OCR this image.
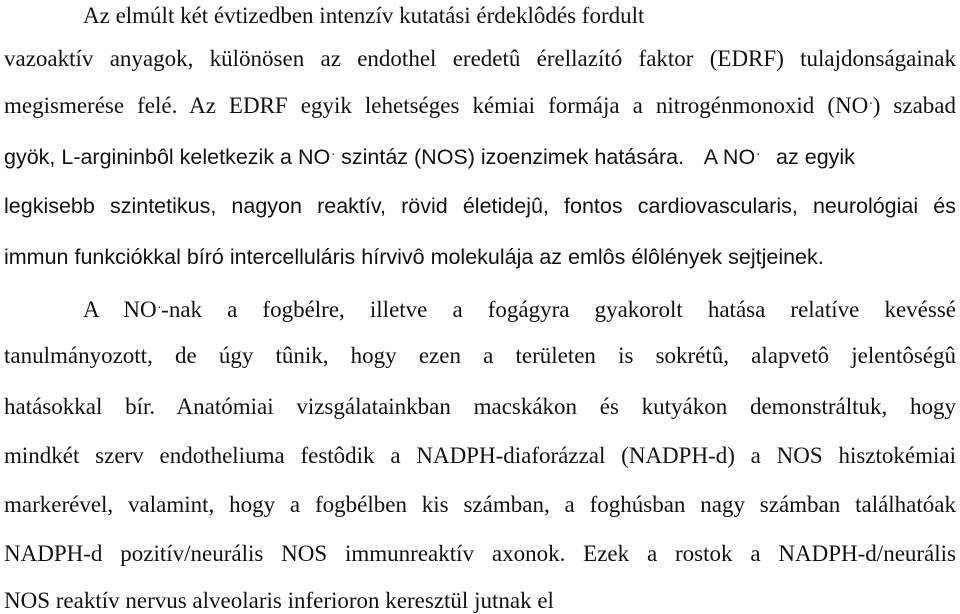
Az elmúlt két évtizedben intenzív kutatási érdeklôdés fordult
vazoaktív anyagok, különösen az endothel eredetû érellazító faktor (EDRF) tulajdonságainak
megismerése felé. Az EDRF egyik lehetséges kémiai formája a nitrogénmonoxid (NO.) szabad
gyök, L-argininbôl keletkezik a NO. szintáz (NOS) izoenzimek hatására. A NO. az egyik
legkisebb szintetikus, nagyon reaktív, rövid életidejû, fontos cardiovascularis, neurológiai és
immun funkciókkal bíró intercelluláris hírvivô molekulája az emlôs élôlények sejtjeinek.
A NO.-nak a fogbélre, illetve a fogágyra gyakorolt hatása relatíve kevéssé
tanulmányozott, de úgy tûnik, hogy ezen a területen is sokrétû, alapvetô jelentôségû
hatásokkal bír. Anatómiai vizsgálatainkban macskákon és kutyákon demonstráltuk, hogy
mindkét szerv endotheliuma festôdik a NADPH-diaforázzal (NADPH-d) a NOS hisztokémiai
markerével, valamint, hogy a fogbélben kis számban, a foghúsban nagy számban találhatóak
NADPH-d pozitív/neurális NOS immunreaktív axonok. Ezek a rostok a NADPH-d/neurális
NOS reaktív nervus alveolaris inferioron keresztül jutnak el
